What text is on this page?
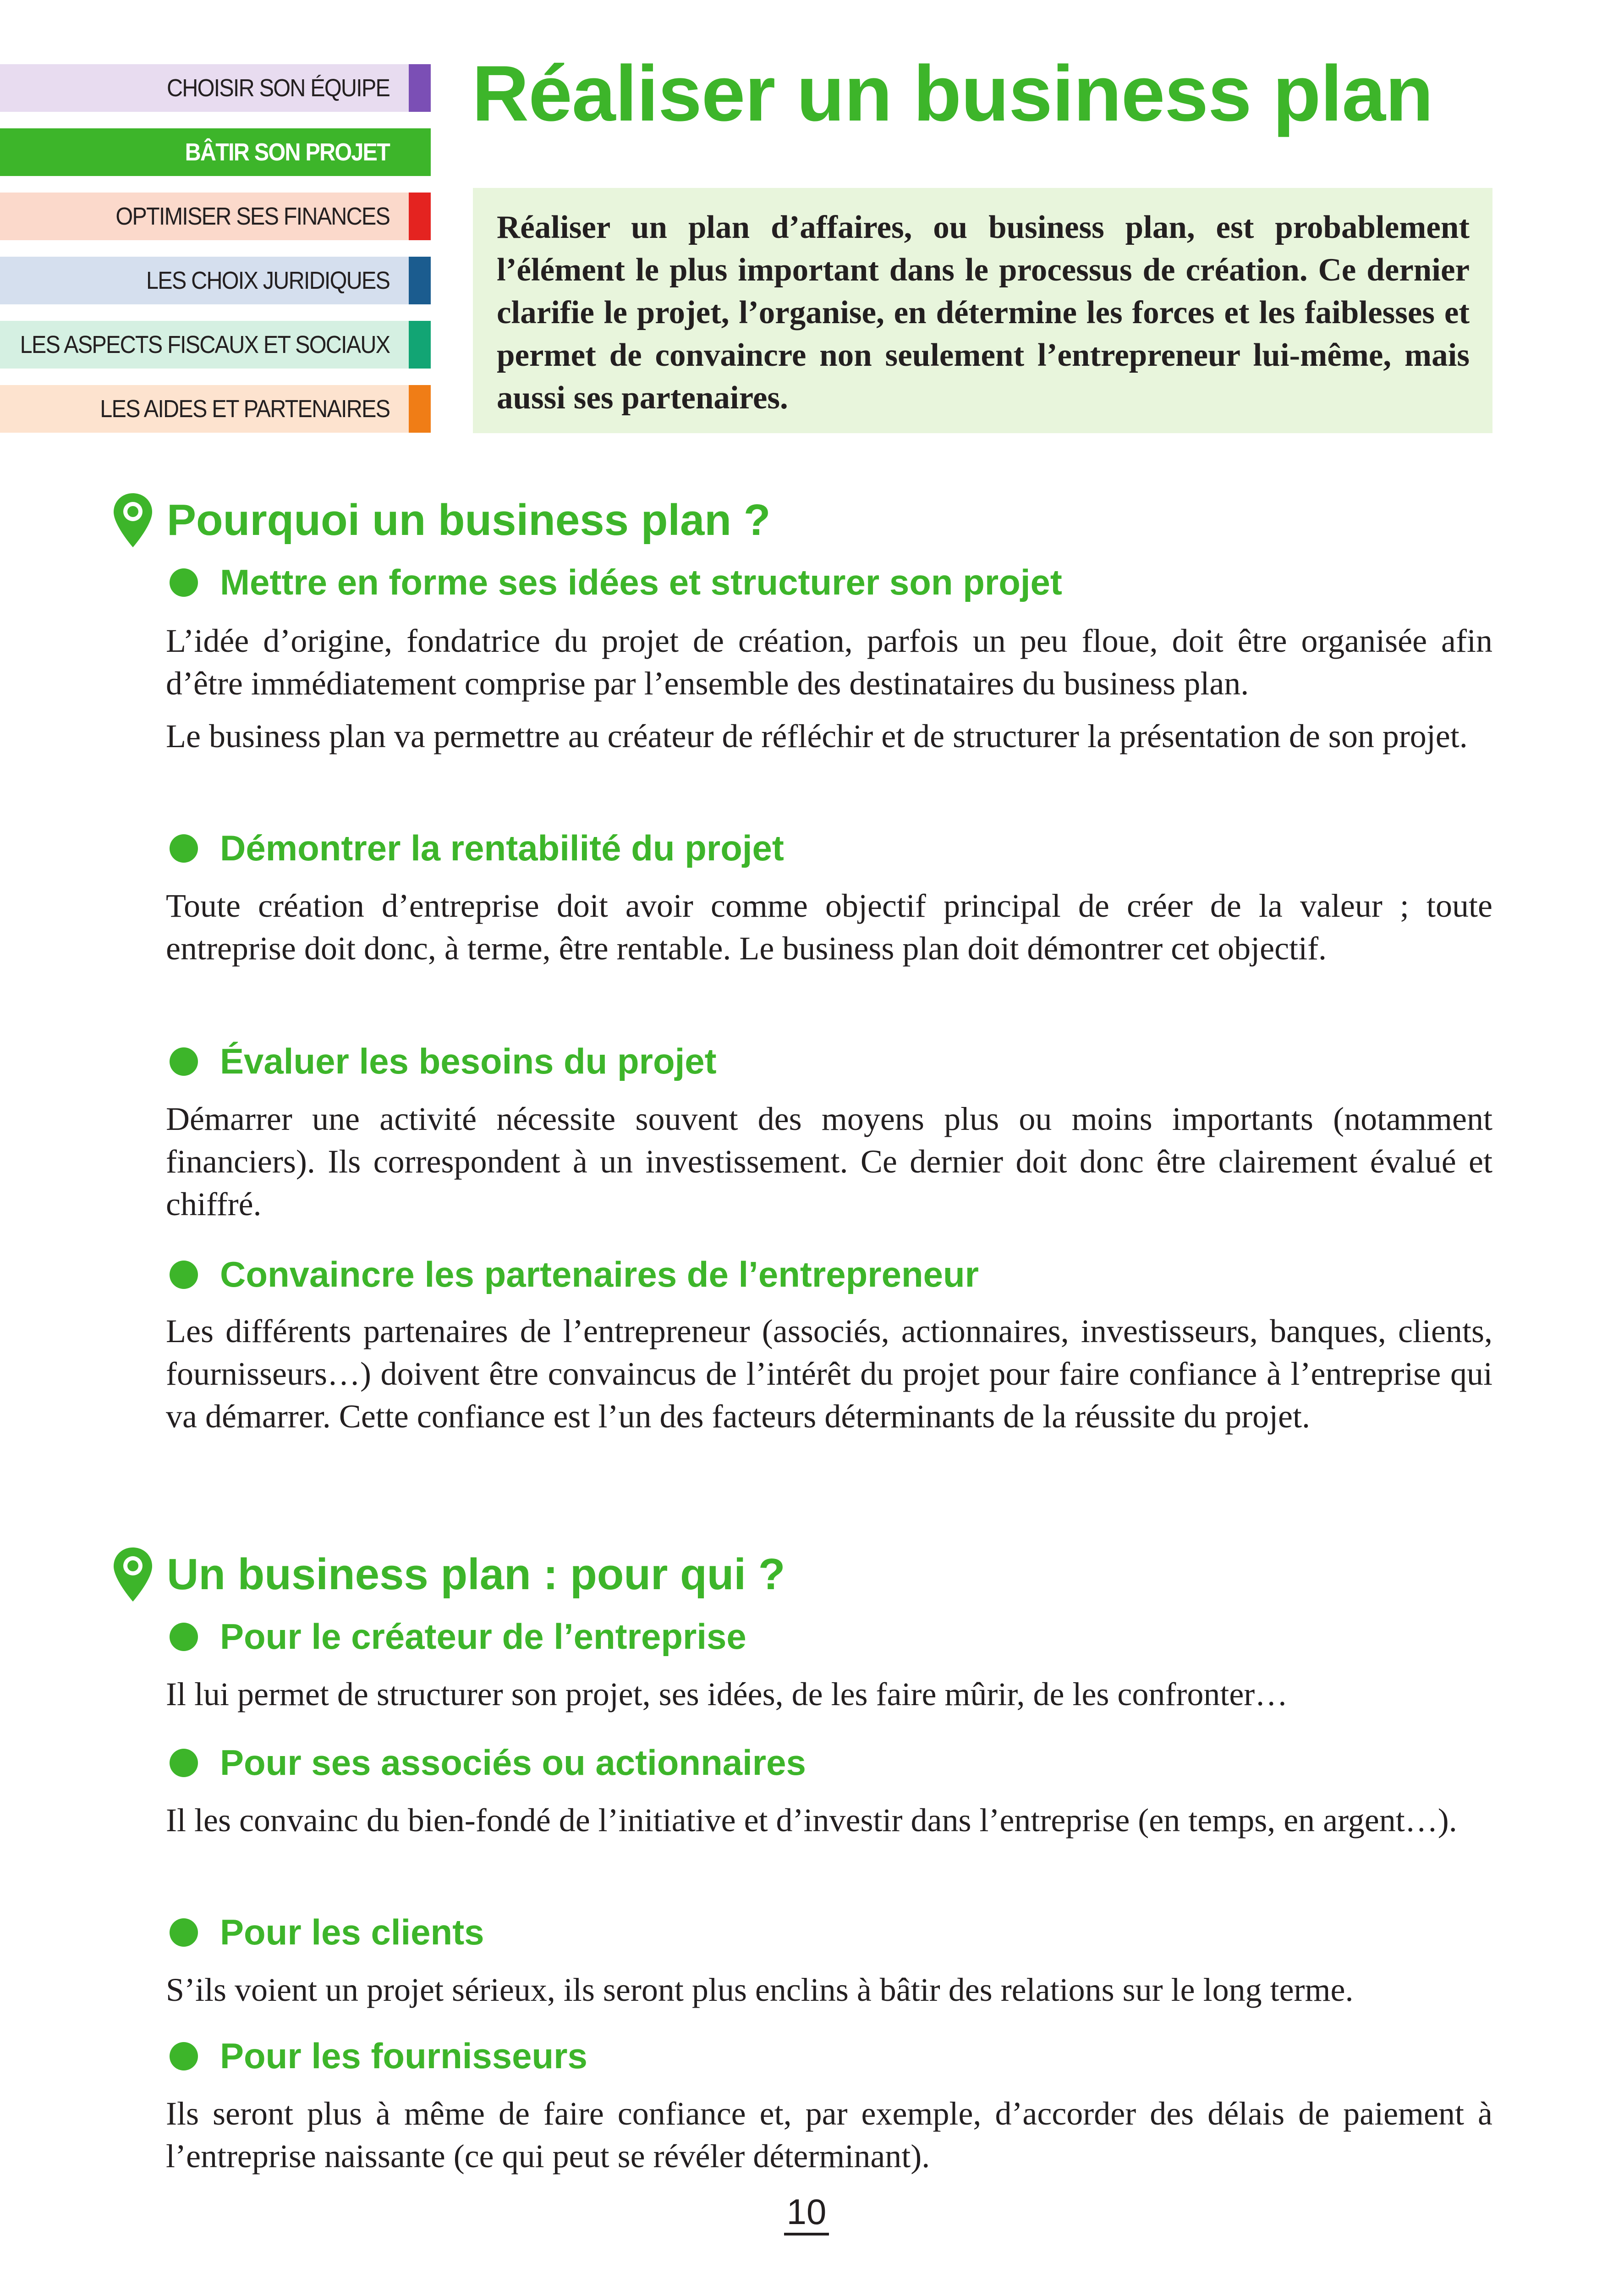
CHOISIR SON ÉQUIPE
BÂTIR SON PROJET
OPTIMISER SES FINANCES
LES CHOIX JURIDIQUES
LES ASPECTS FISCAUX ET SOCIAUX
LES AIDES ET PARTENAIRES
Réaliser un business plan
Réaliser un plan d’affaires, ou business plan, est probablement l’élément le plus important dans le processus de création. Ce dernier clarifie le projet, l’organise, en détermine les forces et les faiblesses et permet de convaincre non seulement l’entrepreneur lui-même, mais aussi ses partenaires.
Pourquoi un business plan ?
Mettre en forme ses idées et structurer son projet

L’idée d’origine, fondatrice du projet de création, parfois un peu floue, doit être organisée afin d’être immédiatement comprise par l’ensemble des destinataires du business plan.

Le business plan va permettre au créateur de réfléchir et de structurer la présentation de son projet.

Démontrer la rentabilité du projet

Toute création d’entreprise doit avoir comme objectif principal de créer de la valeur ; toute entreprise doit donc, à terme, être rentable. Le business plan doit démontrer cet objectif.

Évaluer les besoins du projet

Démarrer une activité nécessite souvent des moyens plus ou moins importants (notamment financiers). Ils correspondent à un investissement. Ce dernier doit donc être clairement évalué et chiffré.

Convaincre les partenaires de l’entrepreneur

Les différents partenaires de l’entrepreneur (associés, actionnaires, investisseurs, banques, clients, fournisseurs…) doivent être convaincus de l’intérêt du projet pour faire confiance à l’entreprise qui va démarrer. Cette confiance est l’un des facteurs déterminants de la réussite du projet.

Un business plan : pour qui ?
Pour le créateur de l’entreprise

Il lui permet de structurer son projet, ses idées, de les faire mûrir, de les confronter…

Pour ses associés ou actionnaires

Il les convainc du bien-fondé de l’initiative et d’investir dans l’entreprise (en temps, en argent…).

Pour les clients

S’ils voient un projet sérieux, ils seront plus enclins à bâtir des relations sur le long terme.

Pour les fournisseurs

Ils seront plus à même de faire confiance et, par exemple, d’accorder des délais de paiement à l’entreprise naissante (ce qui peut se révéler déterminant).

10
